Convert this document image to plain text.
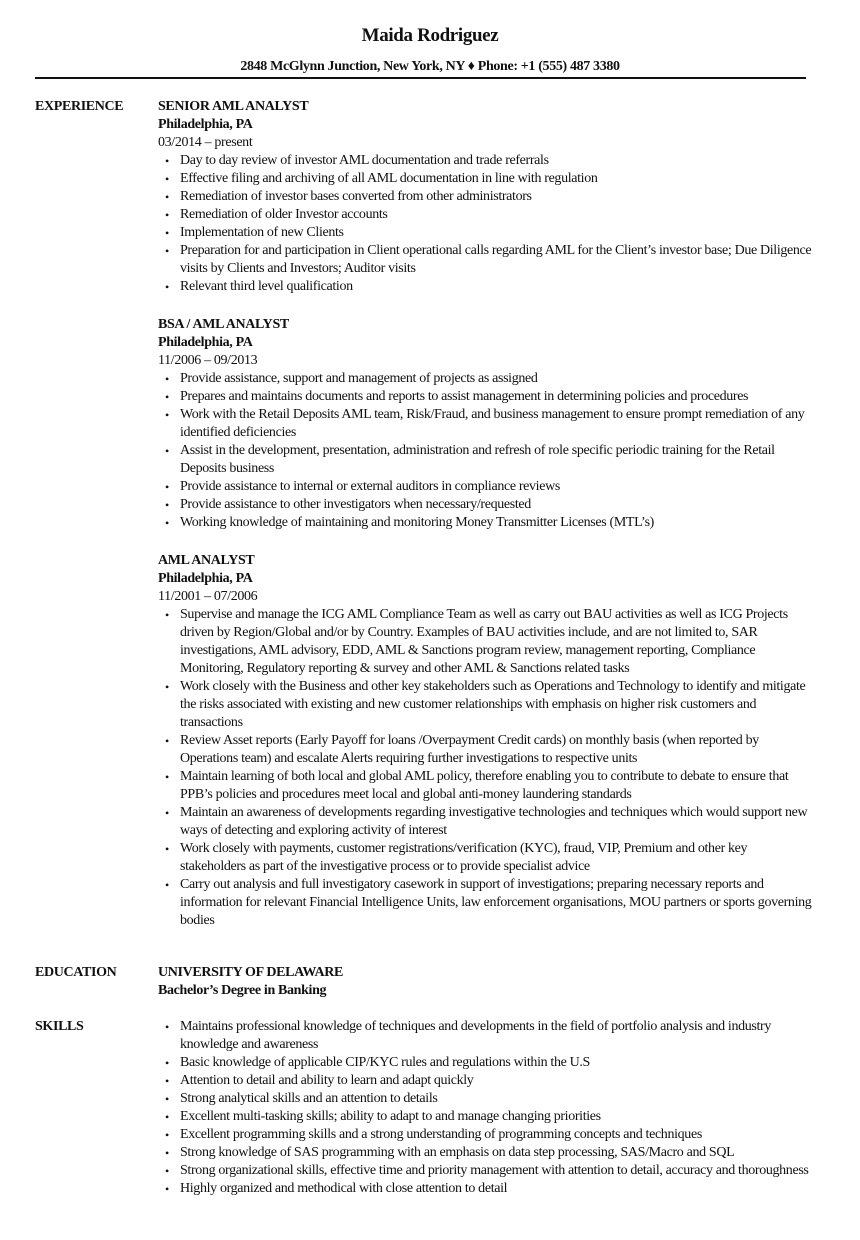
Maida Rodriguez
2848 McGlynn Junction, New York, NY ♦ Phone: +1 (555) 487 3380
EXPERIENCE	SENIOR AML ANALYST
Philadelphia, PA
03/2014 – present
• Day to day review of investor AML documentation and trade referrals
• Effective filing and archiving of all AML documentation in line with regulation
• Remediation of investor bases converted from other administrators
• Remediation of older Investor accounts
• Implementation of new Clients
• Preparation for and participation in Client operational calls regarding AML for the Client’s investor base; Due Diligence visits by Clients and Investors; Auditor visits
• Relevant third level qualification
BSA / AML ANALYST
Philadelphia, PA
11/2006 – 09/2013
• Provide assistance, support and management of projects as assigned
• Prepares and maintains documents and reports to assist management in determining policies and procedures
• Work with the Retail Deposits AML team, Risk/Fraud, and business management to ensure prompt remediation of any identified deficiencies
• Assist in the development, presentation, administration and refresh of role specific periodic training for the Retail Deposits business
• Provide assistance to internal or external auditors in compliance reviews
• Provide assistance to other investigators when necessary/requested
• Working knowledge of maintaining and monitoring Money Transmitter Licenses (MTL’s)
AML ANALYST
Philadelphia, PA
11/2001 – 07/2006
• Supervise and manage the ICG AML Compliance Team as well as carry out BAU activities as well as ICG Projects driven by Region/Global and/or by Country. Examples of BAU activities include, and are not limited to, SAR investigations, AML advisory, EDD, AML & Sanctions program review, management reporting, Compliance Monitoring, Regulatory reporting & survey and other AML & Sanctions related tasks
• Work closely with the Business and other key stakeholders such as Operations and Technology to identify and mitigate the risks associated with existing and new customer relationships with emphasis on higher risk customers and transactions
• Review Asset reports (Early Payoff for loans /Overpayment Credit cards) on monthly basis (when reported by Operations team) and escalate Alerts requiring further investigations to respective units
• Maintain learning of both local and global AML policy, therefore enabling you to contribute to debate to ensure that PPB’s policies and procedures meet local and global anti-money laundering standards
• Maintain an awareness of developments regarding investigative technologies and techniques which would support new ways of detecting and exploring activity of interest
• Work closely with payments, customer registrations/verification (KYC), fraud, VIP, Premium and other key stakeholders as part of the investigative process or to provide specialist advice
• Carry out analysis and full investigatory casework in support of investigations; preparing necessary reports and information for relevant Financial Intelligence Units, law enforcement organisations, MOU partners or sports governing bodies
EDUCATION	UNIVERSITY OF DELAWARE
Bachelor’s Degree in Banking
SKILLS	• Maintains professional knowledge of techniques and developments in the field of portfolio analysis and industry knowledge and awareness
• Basic knowledge of applicable CIP/KYC rules and regulations within the U.S
• Attention to detail and ability to learn and adapt quickly
• Strong analytical skills and an attention to details
• Excellent multi-tasking skills; ability to adapt to and manage changing priorities
• Excellent programming skills and a strong understanding of programming concepts and techniques
• Strong knowledge of SAS programming with an emphasis on data step processing, SAS/Macro and SQL
• Strong organizational skills, effective time and priority management with attention to detail, accuracy and thoroughness
• Highly organized and methodical with close attention to detail
